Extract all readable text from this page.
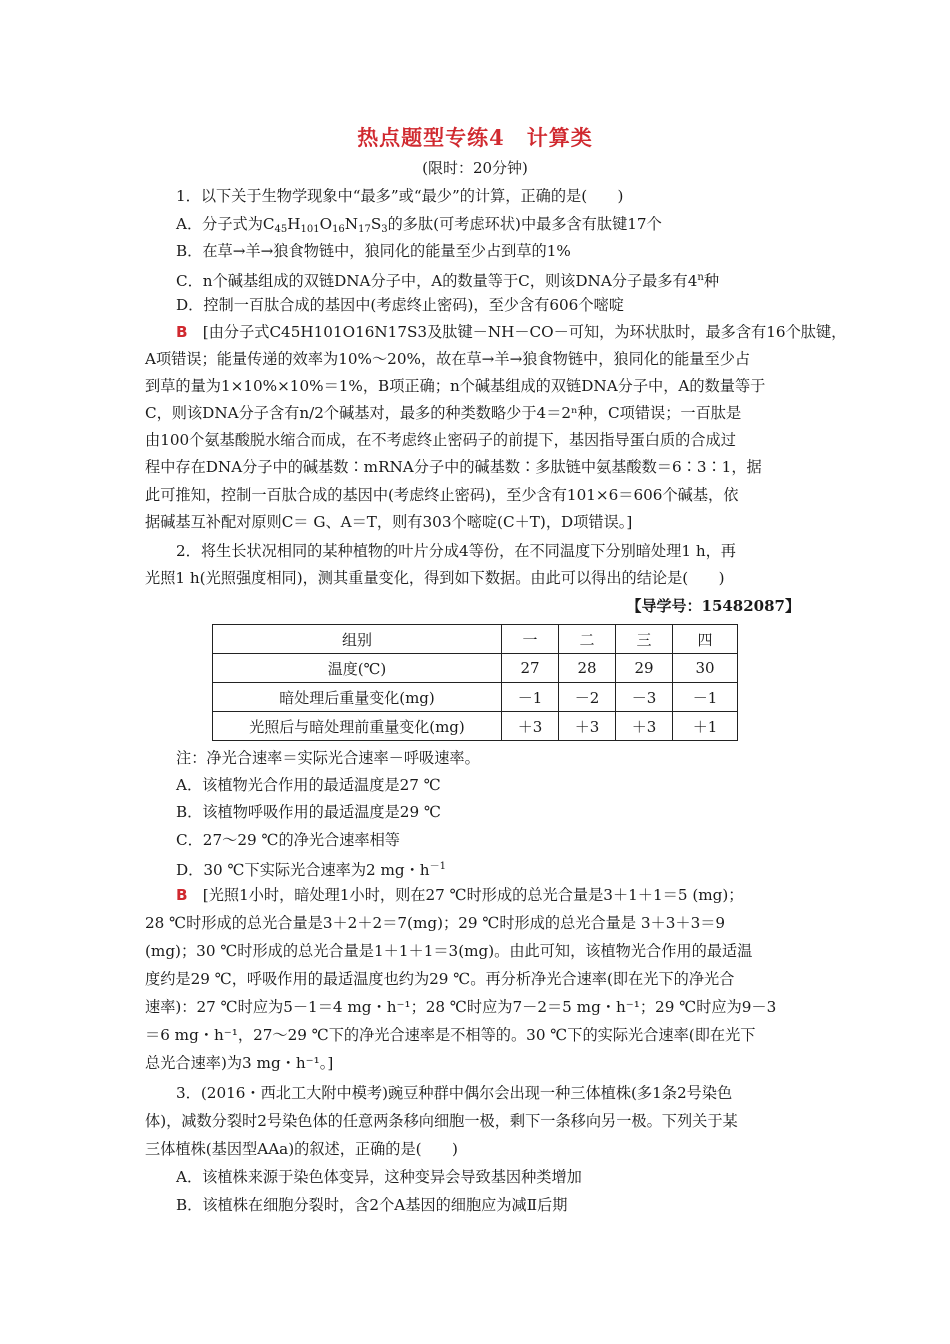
热点题型专练4　计算类
(限时：20分钟)
1．以下关于生物学现象中“最多”或“最少”的计算，正确的是(　　)
A．分子式为$C_{45}H_{101}O_{16}N_{17}S_3$的多肽(可考虑环状)中最多含有肽键17个
B．在草→羊→狼食物链中，狼同化的能量至少占到草的1%
C．n个碱基组成的双链DNA分子中，A的数量等于C，则该DNA分子最多有4$^n$种
D．控制一百肽合成的基因中(考虑终止密码)，至少含有606个嘧啶
B　 [由分子式C45H101O16N17S3及肽键－NH－CO－可知，为环状肽时，最多含有16个肽键，
A项错误；能量传递的效率为10%～20%，故在草→羊→狼食物链中，狼同化的能量至少占
到草的量为1×10%×10%＝1%，B项正确；n个碱基组成的双链DNA分子中，A的数量等于
C，则该DNA分子含有n/2个碱基对，最多的种类数略少于4＝2ⁿ种，C项错误；一百肽是
由100个氨基酸脱水缩合而成，在不考虑终止密码子的前提下，基因指导蛋白质的合成过
程中存在DNA分子中的碱基数∶mRNA分子中的碱基数∶多肽链中氨基酸数＝6∶3∶1，据
此可推知，控制一百肽合成的基因中(考虑终止密码)，至少含有101×6＝606个碱基，依
据碱基互补配对原则C＝ G、A＝T，则有303个嘧啶(C＋T)，D项错误。]
2．将生长状况相同的某种植物的叶片分成4等份，在不同温度下分别暗处理1 h，再
光照1 h(光照强度相同)，测其重量变化，得到如下数据。由此可以得出的结论是(　　)
【导学号：15482087】
组别	一	二	三	四
温度(℃)	27	28	29	30
暗处理后重量变化(mg)	－1	－2	－3	－1
光照后与暗处理前重量变化(mg)	＋3	＋3	＋3	＋1
注：净光合速率＝实际光合速率－呼吸速率。
A．该植物光合作用的最适温度是27 ℃
B．该植物呼吸作用的最适温度是29 ℃
C．27～29 ℃的净光合速率相等
D．30 ℃下实际光合速率为2 mg・$h^{-1}$
B　 [光照1小时，暗处理1小时，则在27 ℃时形成的总光合量是3＋1＋1＝5 (mg)；
28 ℃时形成的总光合量是3＋2＋2＝7(mg)；29 ℃时形成的总光合量是 3＋3＋3＝9
(mg)；30 ℃时形成的总光合量是1＋1＋1＝3(mg)。由此可知，该植物光合作用的最适温
度约是29 ℃，呼吸作用的最适温度也约为29 ℃。再分析净光合速率(即在光下的净光合
速率)：27 ℃时应为5－1＝4 mg・h⁻¹；28 ℃时应为7－2＝5 mg・h⁻¹；29 ℃时应为9－3
＝6 mg・h⁻¹，27～29 ℃下的净光合速率是不相等的。30 ℃下的实际光合速率(即在光下
总光合速率)为3 mg・h⁻¹。]
3．(2016・西北工大附中模考)豌豆种群中偶尔会出现一种三体植株(多1条2号染色
体)，减数分裂时2号染色体的任意两条移向细胞一极，剩下一条移向另一极。下列关于某
三体植株(基因型AAa)的叙述，正确的是(　　)
A．该植株来源于染色体变异，这种变异会导致基因种类增加
B．该植株在细胞分裂时，含2个A基因的细胞应为减Ⅱ后期
